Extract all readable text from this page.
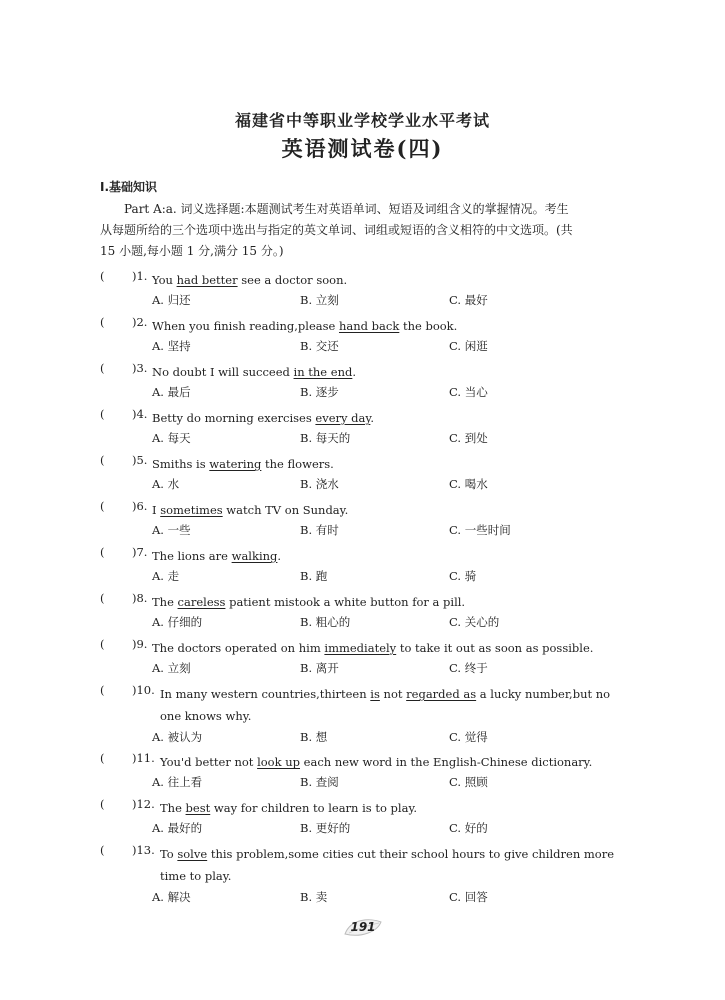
福建省中等职业学校学业水平考试
英语测试卷(四)
Ⅰ.基础知识
Part A:a. 词义选择题:本题测试考生对英语单词、短语及词组含义的掌握情况。考生
从每题所给的三个选项中选出与指定的英文单词、词组或短语的含义相符的中文选项。(共
15 小题,每小题 1 分,满分 15 分。)
( )1. You had better see a doctor soon.
A. 归还	B. 立刻	C. 最好
( )2. When you finish reading,please hand back the book.
A. 坚持	B. 交还	C. 闲逛
( )3. No doubt I will succeed in the end.
A. 最后	B. 逐步	C. 当心
( )4. Betty do morning exercises every day.
A. 每天	B. 每天的	C. 到处
( )5. Smiths is watering the flowers.
A. 水	B. 浇水	C. 喝水
( )6. I sometimes watch TV on Sunday.
A. 一些	B. 有时	C. 一些时间
( )7. The lions are walking.
A. 走	B. 跑	C. 骑
( )8. The careless patient mistook a white button for a pill.
A. 仔细的	B. 粗心的	C. 关心的
( )9. The doctors operated on him immediately to take it out as soon as possible.
A. 立刻	B. 离开	C. 终于
( )10. In many western countries,thirteen is not regarded as a lucky number,but no
one knows why.
A. 被认为	B. 想	C. 觉得
( )11. You'd better not look up each new word in the English-Chinese dictionary.
A. 往上看	B. 查阅	C. 照顾
( )12. The best way for children to learn is to play.
A. 最好的	B. 更好的	C. 好的
( )13. To solve this problem,some cities cut their school hours to give children more
time to play.
A. 解决	B. 卖	C. 回答
191
